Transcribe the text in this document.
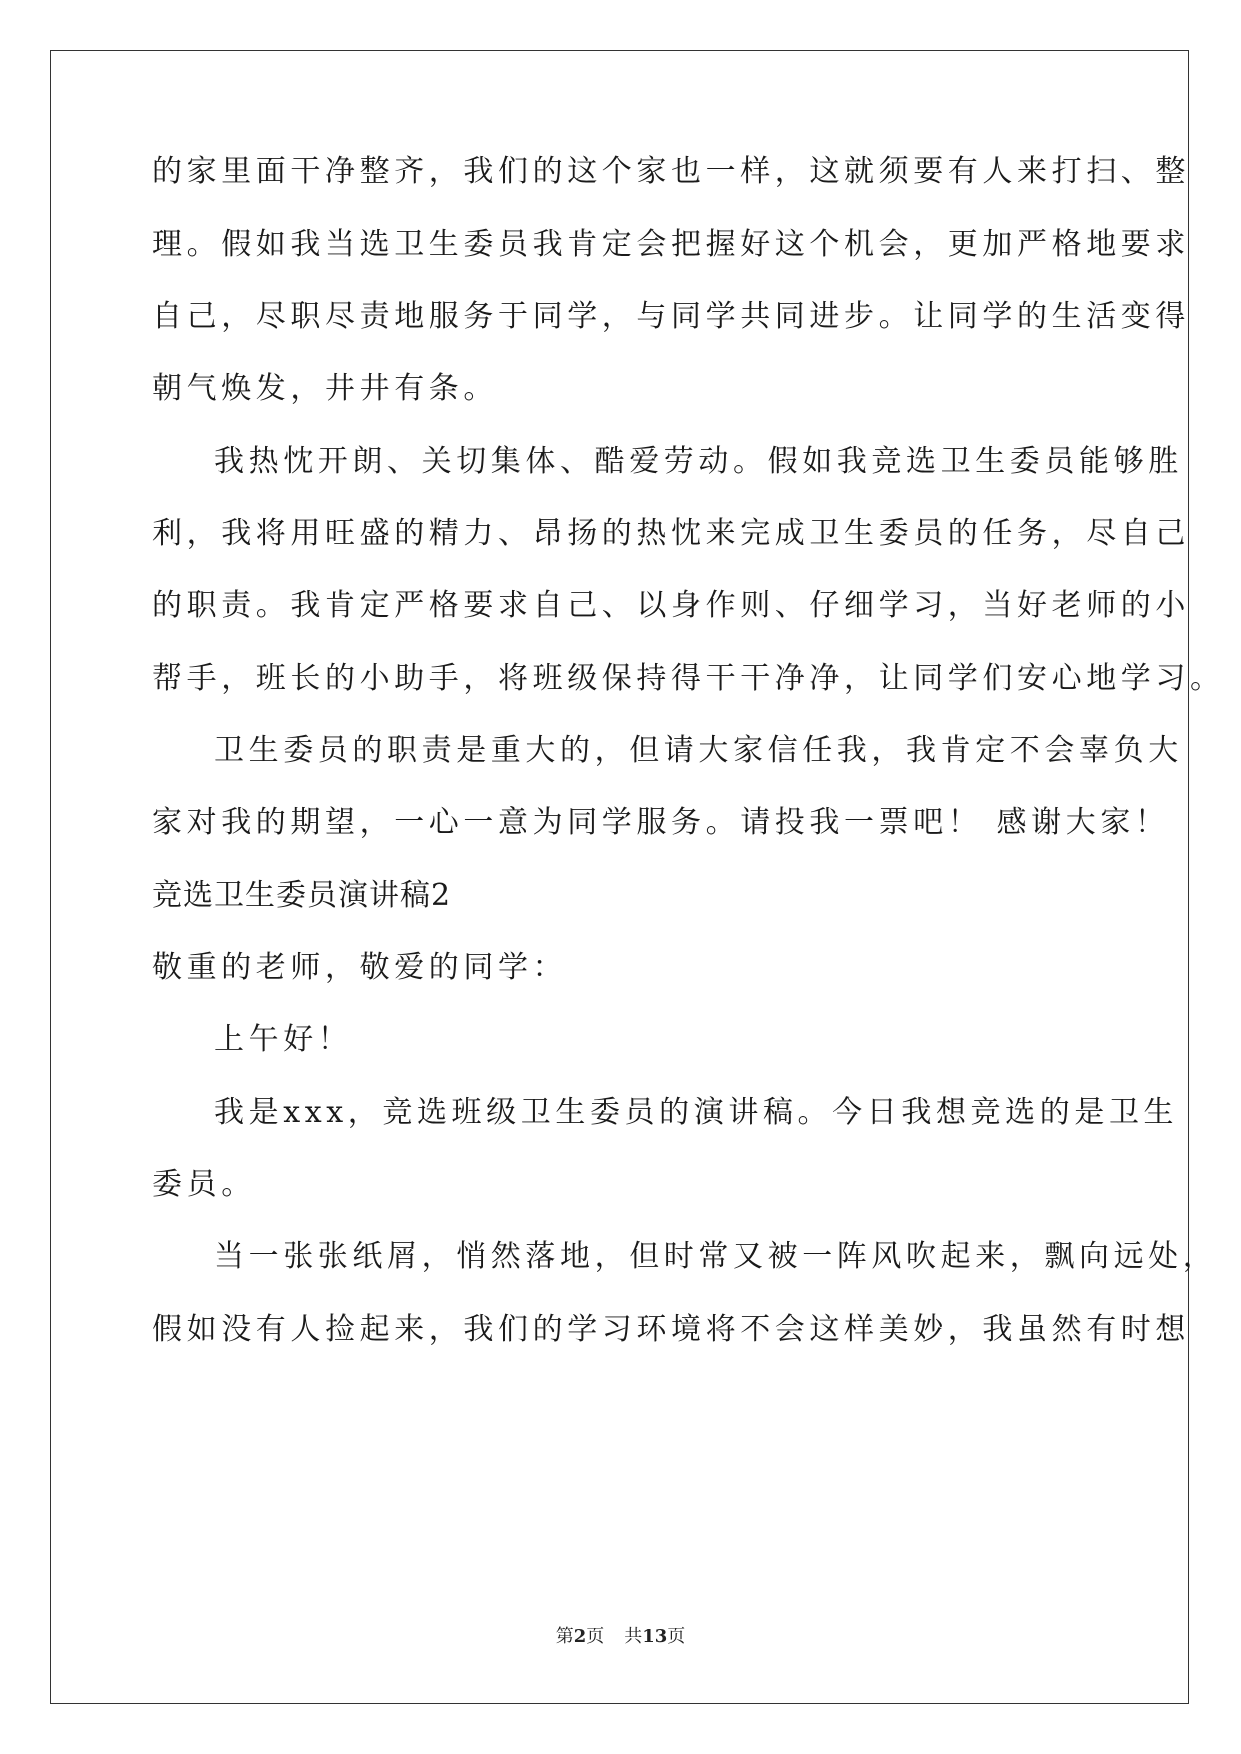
的家里面干净整齐，我们的这个家也一样，这就须要有人来打扫、整
理。假如我当选卫生委员我肯定会把握好这个机会，更加严格地要求
自己，尽职尽责地服务于同学，与同学共同进步。让同学的生活变得
朝气焕发，井井有条。
我热忱开朗、关切集体、酷爱劳动。假如我竞选卫生委员能够胜
利，我将用旺盛的精力、昂扬的热忱来完成卫生委员的任务，尽自己
的职责。我肯定严格要求自己、以身作则、仔细学习，当好老师的小
帮手，班长的小助手，将班级保持得干干净净，让同学们安心地学习。
卫生委员的职责是重大的，但请大家信任我，我肯定不会辜负大
家对我的期望，一心一意为同学服务。请投我一票吧！ 感谢大家！
竞选卫生委员演讲稿2
敬重的老师，敬爱的同学：
上午好！
我是xxx，竞选班级卫生委员的演讲稿。今日我想竞选的是卫生
委员。
当一张张纸屑，悄然落地，但时常又被一阵风吹起来，飘向远处，
假如没有人捡起来，我们的学习环境将不会这样美妙，我虽然有时想
第2页 共13页
